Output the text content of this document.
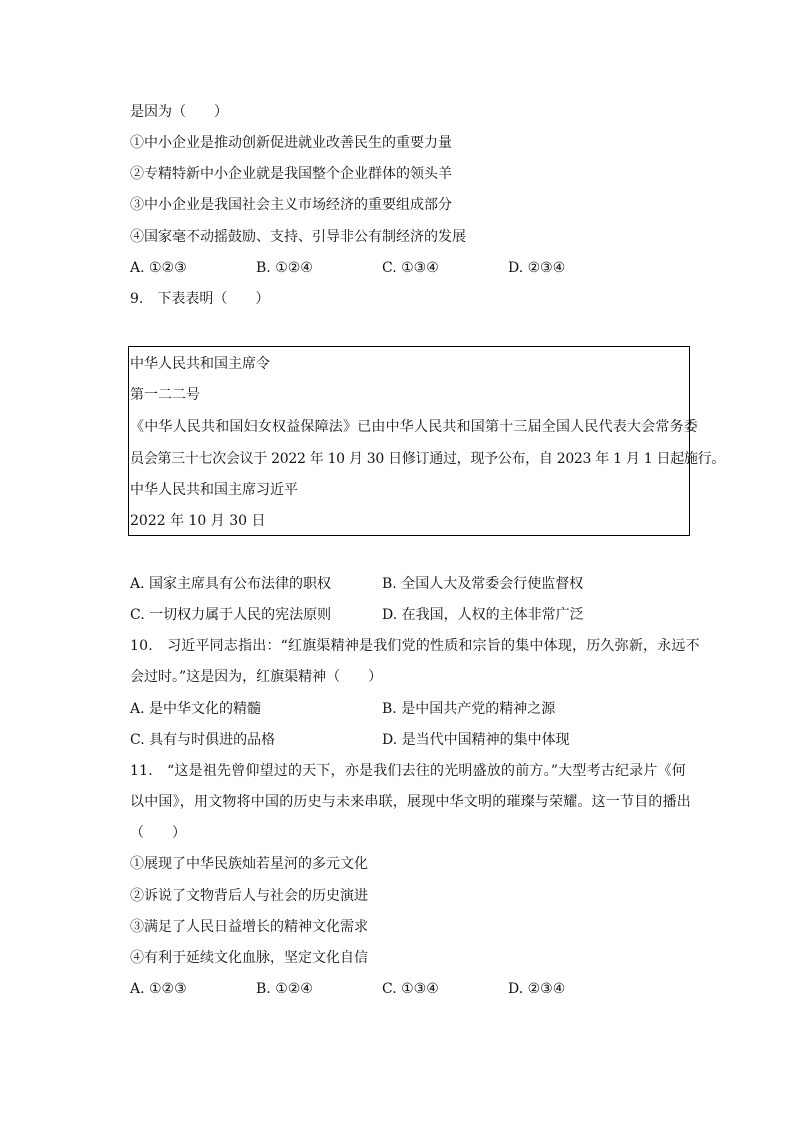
是因为（　　）
①中小企业是推动创新促进就业改善民生的重要力量
②专精特新中小企业就是我国整个企业群体的领头羊
③中小企业是我国社会主义市场经济的重要组成部分
④国家毫不动摇鼓励、支持、引导非公有制经济的发展
A. ①②③	B. ①②④	C. ①③④	D. ②③④
9.　下表表明（　　）
中华人民共和国主席令
第一二二号
《中华人民共和国妇女权益保障法》已由中华人民共和国第十三届全国人民代表大会常务委
员会第三十七次会议于 2022 年 10 月 30 日修订通过，现予公布，自 2023 年 1 月 1 日起施行。
中华人民共和国主席习近平
2022 年 10 月 30 日
A. 国家主席具有公布法律的职权	B. 全国人大及常委会行使监督权
C. 一切权力属于人民的宪法原则	D. 在我国，人权的主体非常广泛
10.　习近平同志指出：“红旗渠精神是我们党的性质和宗旨的集中体现，历久弥新，永远不
会过时。”这是因为，红旗渠精神（　　）
A. 是中华文化的精髓	B. 是中国共产党的精神之源
C. 具有与时俱进的品格	D. 是当代中国精神的集中体现
11.　“这是祖先曾仰望过的天下，亦是我们去往的光明盛放的前方。”大型考古纪录片《何
以中国》，用文物将中国的历史与未来串联，展现中华文明的璀璨与荣耀。这一节目的播出
（　　）
①展现了中华民族灿若星河的多元文化
②诉说了文物背后人与社会的历史演进
③满足了人民日益增长的精神文化需求
④有利于延续文化血脉，坚定文化自信
A. ①②③	B. ①②④	C. ①③④	D. ②③④
